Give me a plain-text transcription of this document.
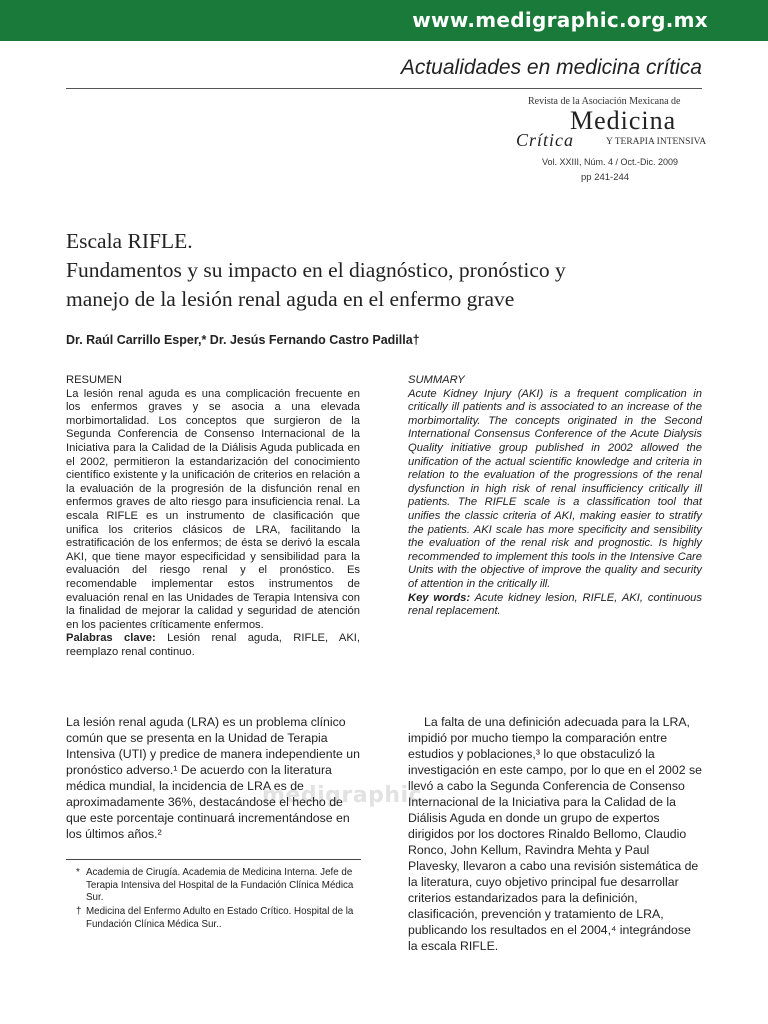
www.medigraphic.org.mx
Actualidades en medicina crítica
Revista de la Asociación Mexicana de
Medicina
Crítica	Y TERAPIA INTENSIVA
Vol. XXIII, Núm. 4 / Oct.-Dic. 2009
pp 241-244
Escala RIFLE.
Fundamentos y su impacto en el diagnóstico, pronóstico y
manejo de la lesión renal aguda en el enfermo grave
Dr. Raúl Carrillo Esper,* Dr. Jesús Fernando Castro Padilla†
RESUMEN
La lesión renal aguda es una complicación frecuente en los enfermos graves y se asocia a una elevada morbimortalidad. Los conceptos que surgieron de la Segunda Conferencia de Consenso Internacional de la Iniciativa para la Calidad de la Diálisis Aguda publicada en el 2002, permitieron la estandarización del conocimiento científico existente y la unificación de criterios en relación a la evaluación de la progresión de la disfunción renal en enfermos graves de alto riesgo para insuficiencia renal. La escala RIFLE es un instrumento de clasificación que unifica los criterios clásicos de LRA, facilitando la estratificación de los enfermos; de ésta se derivó la escala AKI, que tiene mayor especificidad y sensibilidad para la evaluación del riesgo renal y el pronóstico. Es recomendable implementar estos instrumentos de evaluación renal en las Unidades de Terapia Intensiva con la finalidad de mejorar la calidad y seguridad de atención en los pacientes críticamente enfermos.
Palabras clave: Lesión renal aguda, RIFLE, AKI, reemplazo renal continuo.
SUMMARY
Acute Kidney Injury (AKI) is a frequent complication in critically ill patients and is associated to an increase of the morbimortality. The concepts originated in the Second International Consensus Conference of the Acute Dialysis Quality initiative group published in 2002 allowed the unification of the actual scientific knowledge and criteria in relation to the evaluation of the progressions of the renal dysfunction in high risk of renal insufficiency critically ill patients. The RIFLE scale is a classification tool that unifies the classic criteria of AKI, making easier to stratify the patients. AKI scale has more specificity and sensibility the evaluation of the renal risk and prognostic. Is highly recommended to implement this tools in the Intensive Care Units with the objective of improve the quality and security of attention in the critically ill.
Key words: Acute kidney lesion, RIFLE, AKI, continuous renal replacement.
medigraphic
La lesión renal aguda (LRA) es un problema clínico común que se presenta en la Unidad de Terapia Intensiva (UTI) y predice de manera independiente un pronóstico adverso.¹ De acuerdo con la literatura médica mundial, la incidencia de LRA es de aproximadamente 36%, destacándose el hecho de que este porcentaje continuará incrementándose en los últimos años.²
La falta de una definición adecuada para la LRA, impidió por mucho tiempo la comparación entre estudios y poblaciones,³ lo que obstaculizó la investigación en este campo, por lo que en el 2002 se llevó a cabo la Segunda Conferencia de Consenso Internacional de la Iniciativa para la Calidad de la Diálisis Aguda en donde un grupo de expertos dirigidos por los doctores Rinaldo Bellomo, Claudio Ronco, John Kellum, Ravindra Mehta y Paul Plavesky, llevaron a cabo una revisión sistemática de la literatura, cuyo objetivo principal fue desarrollar criterios estandarizados para la definición, clasificación, prevención y tratamiento de LRA, publicando los resultados en el 2004,⁴ integrándose la escala RIFLE.
* Academia de Cirugía. Academia de Medicina Interna. Jefe de Terapia Intensiva del Hospital de la Fundación Clínica Médica Sur.
† Medicina del Enfermo Adulto en Estado Crítico. Hospital de la Fundación Clínica Médica Sur..
